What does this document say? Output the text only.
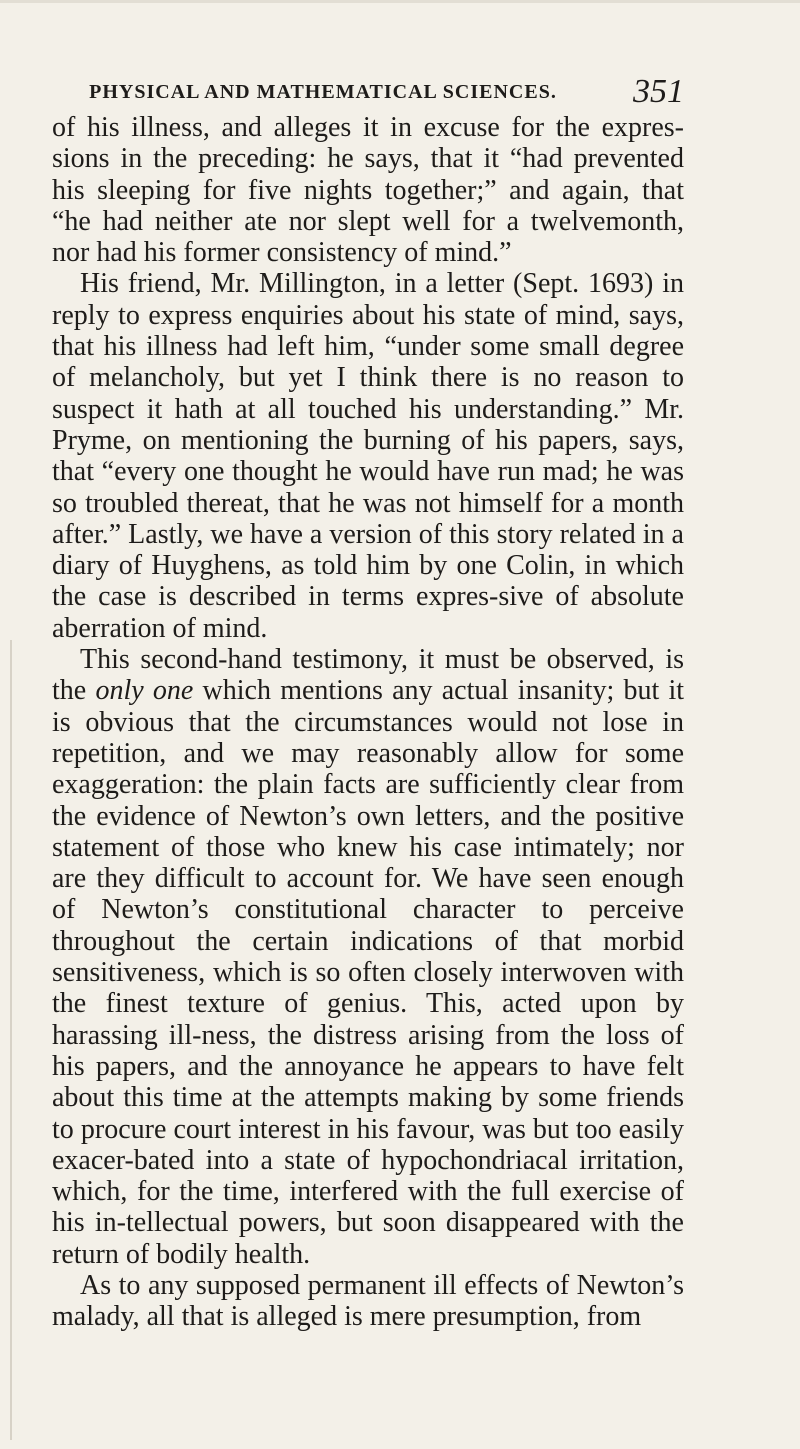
PHYSICAL AND MATHEMATICAL SCIENCES. 351

of his illness, and alleges it in excuse for the expres-sions in the preceding: he says, that it “had prevented his sleeping for five nights together;” and again, that “he had neither ate nor slept well for a twelvemonth, nor had his former consistency of mind.”

His friend, Mr. Millington, in a letter (Sept. 1693) in reply to express enquiries about his state of mind, says, that his illness had left him, “under some small degree of melancholy, but yet I think there is no reason to suspect it hath at all touched his understanding.” Mr. Pryme, on mentioning the burning of his papers, says, that “every one thought he would have run mad; he was so troubled thereat, that he was not himself for a month after.” Lastly, we have a version of this story related in a diary of Huyghens, as told him by one Colin, in which the case is described in terms expres-sive of absolute aberration of mind.

This second-hand testimony, it must be observed, is the only one which mentions any actual insanity; but it is obvious that the circumstances would not lose in repetition, and we may reasonably allow for some exaggeration: the plain facts are sufficiently clear from the evidence of Newton’s own letters, and the positive statement of those who knew his case intimately; nor are they difficult to account for. We have seen enough of Newton’s constitutional character to perceive throughout the certain indications of that morbid sensitiveness, which is so often closely interwoven with the finest texture of genius. This, acted upon by harassing ill-ness, the distress arising from the loss of his papers, and the annoyance he appears to have felt about this time at the attempts making by some friends to procure court interest in his favour, was but too easily exacer-bated into a state of hypochondriacal irritation, which, for the time, interfered with the full exercise of his in-tellectual powers, but soon disappeared with the return of bodily health.

As to any supposed permanent ill effects of Newton’s malady, all that is alleged is mere presumption, from
